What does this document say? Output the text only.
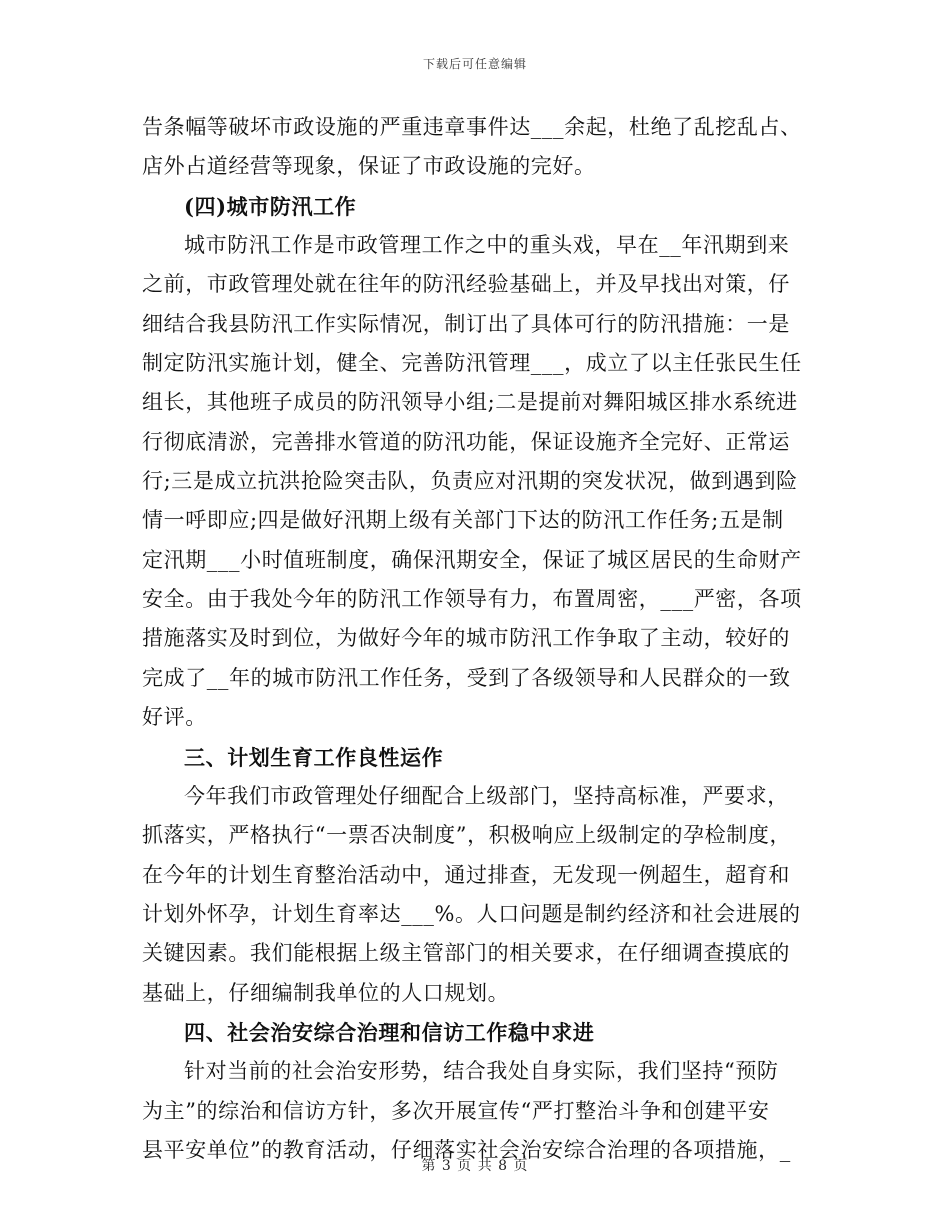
下载后可任意编辑
告条幅等破坏市政设施的严重违章事件达___余起，杜绝了乱挖乱占、
店外占道经营等现象，保证了市政设施的完好。
(四)城市防汛工作
城市防汛工作是市政管理工作之中的重头戏，早在__年汛期到来
之前，市政管理处就在往年的防汛经验基础上，并及早找出对策，仔
细结合我县防汛工作实际情况，制订出了具体可行的防汛措施：一是
制定防汛实施计划，健全、完善防汛管理___，成立了以主任张民生任
组长，其他班子成员的防汛领导小组;二是提前对舞阳城区排水系统进
行彻底清淤，完善排水管道的防汛功能，保证设施齐全完好、正常运
行;三是成立抗洪抢险突击队，负责应对汛期的突发状况，做到遇到险
情一呼即应;四是做好汛期上级有关部门下达的防汛工作任务;五是制
定汛期___小时值班制度，确保汛期安全，保证了城区居民的生命财产
安全。由于我处今年的防汛工作领导有力，布置周密，___严密，各项
措施落实及时到位，为做好今年的城市防汛工作争取了主动，较好的
完成了__年的城市防汛工作任务，受到了各级领导和人民群众的一致
好评。
三、计划生育工作良性运作
今年我们市政管理处仔细配合上级部门，坚持高标准，严要求，
抓落实，严格执行“一票否决制度”，积极响应上级制定的孕检制度，
在今年的计划生育整治活动中，通过排查，无发现一例超生，超育和
计划外怀孕，计划生育率达___%。人口问题是制约经济和社会进展的
关键因素。我们能根据上级主管部门的相关要求，在仔细调查摸底的
基础上，仔细编制我单位的人口规划。
四、社会治安综合治理和信访工作稳中求进
针对当前的社会治安形势，结合我处自身实际，我们坚持“预防
为主”的综治和信访方针，多次开展宣传“严打整治斗争和创建平安
县平安单位”的教育活动，仔细落实社会治安综合治理的各项措施，_
第 3 页 共 8 页
